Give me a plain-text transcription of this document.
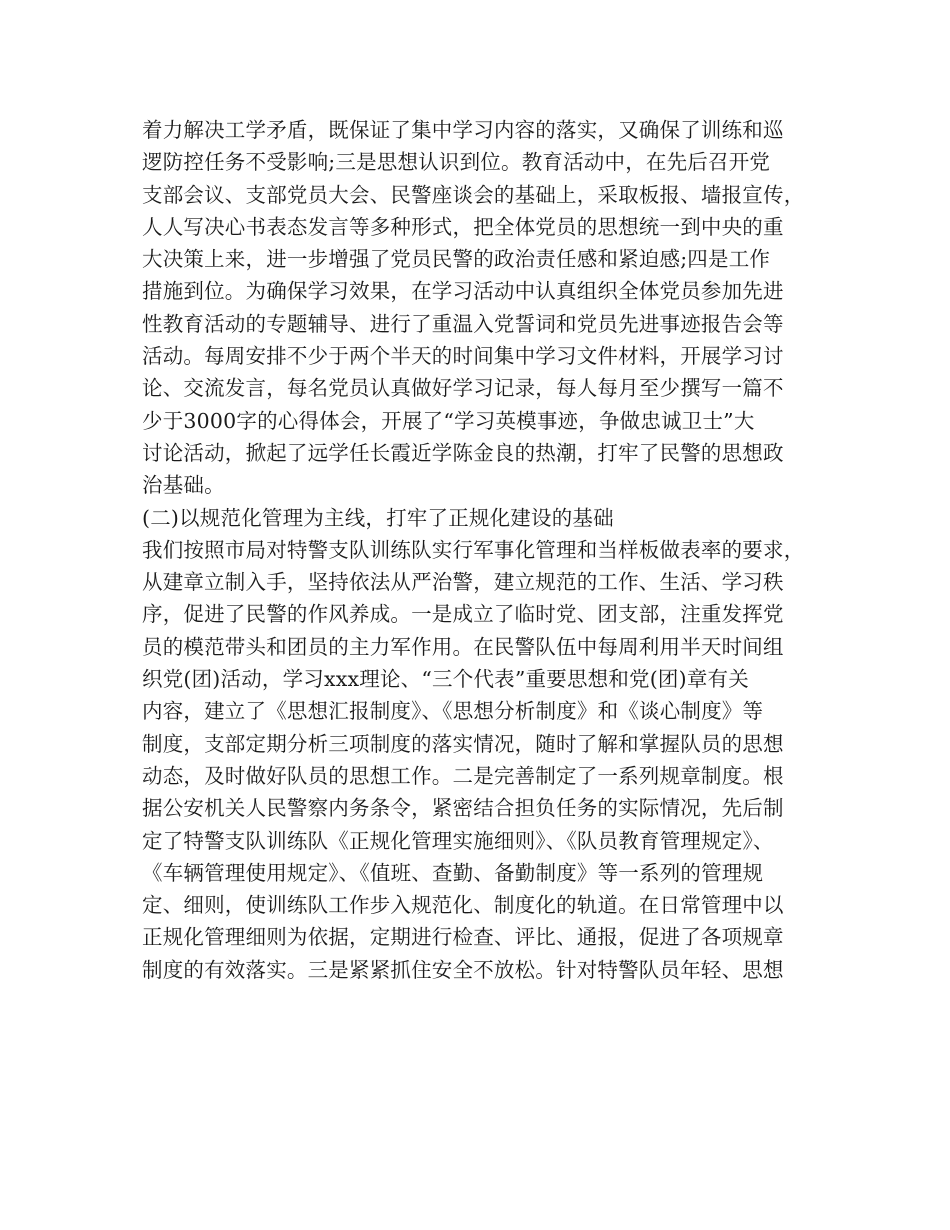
着力解决工学矛盾，既保证了集中学习内容的落实，又确保了训练和巡
逻防控任务不受影响;三是思想认识到位。教育活动中，在先后召开党
支部会议、支部党员大会、民警座谈会的基础上，采取板报、墙报宣传，
人人写决心书表态发言等多种形式，把全体党员的思想统一到中央的重
大决策上来，进一步增强了党员民警的政治责任感和紧迫感;四是工作
措施到位。为确保学习效果，在学习活动中认真组织全体党员参加先进
性教育活动的专题辅导、进行了重温入党誓词和党员先进事迹报告会等
活动。每周安排不少于两个半天的时间集中学习文件材料，开展学习讨
论、交流发言，每名党员认真做好学习记录，每人每月至少撰写一篇不
少于3000字的心得体会，开展了“学习英模事迹，争做忠诚卫士”大
讨论活动，掀起了远学任长霞近学陈金良的热潮，打牢了民警的思想政
治基础。
(二)以规范化管理为主线，打牢了正规化建设的基础
我们按照市局对特警支队训练队实行军事化管理和当样板做表率的要求，
从建章立制入手，坚持依法从严治警，建立规范的工作、生活、学习秩
序，促进了民警的作风养成。一是成立了临时党、团支部，注重发挥党
员的模范带头和团员的主力军作用。在民警队伍中每周利用半天时间组
织党(团)活动，学习xxx理论、“三个代表”重要思想和党(团)章有关
内容，建立了《思想汇报制度》、《思想分析制度》和《谈心制度》等
制度，支部定期分析三项制度的落实情况，随时了解和掌握队员的思想
动态，及时做好队员的思想工作。二是完善制定了一系列规章制度。根
据公安机关人民警察内务条令，紧密结合担负任务的实际情况，先后制
定了特警支队训练队《正规化管理实施细则》、《队员教育管理规定》、
《车辆管理使用规定》、《值班、查勤、备勤制度》等一系列的管理规
定、细则，使训练队工作步入规范化、制度化的轨道。在日常管理中以
正规化管理细则为依据，定期进行检查、评比、通报，促进了各项规章
制度的有效落实。三是紧紧抓住安全不放松。针对特警队员年轻、思想
